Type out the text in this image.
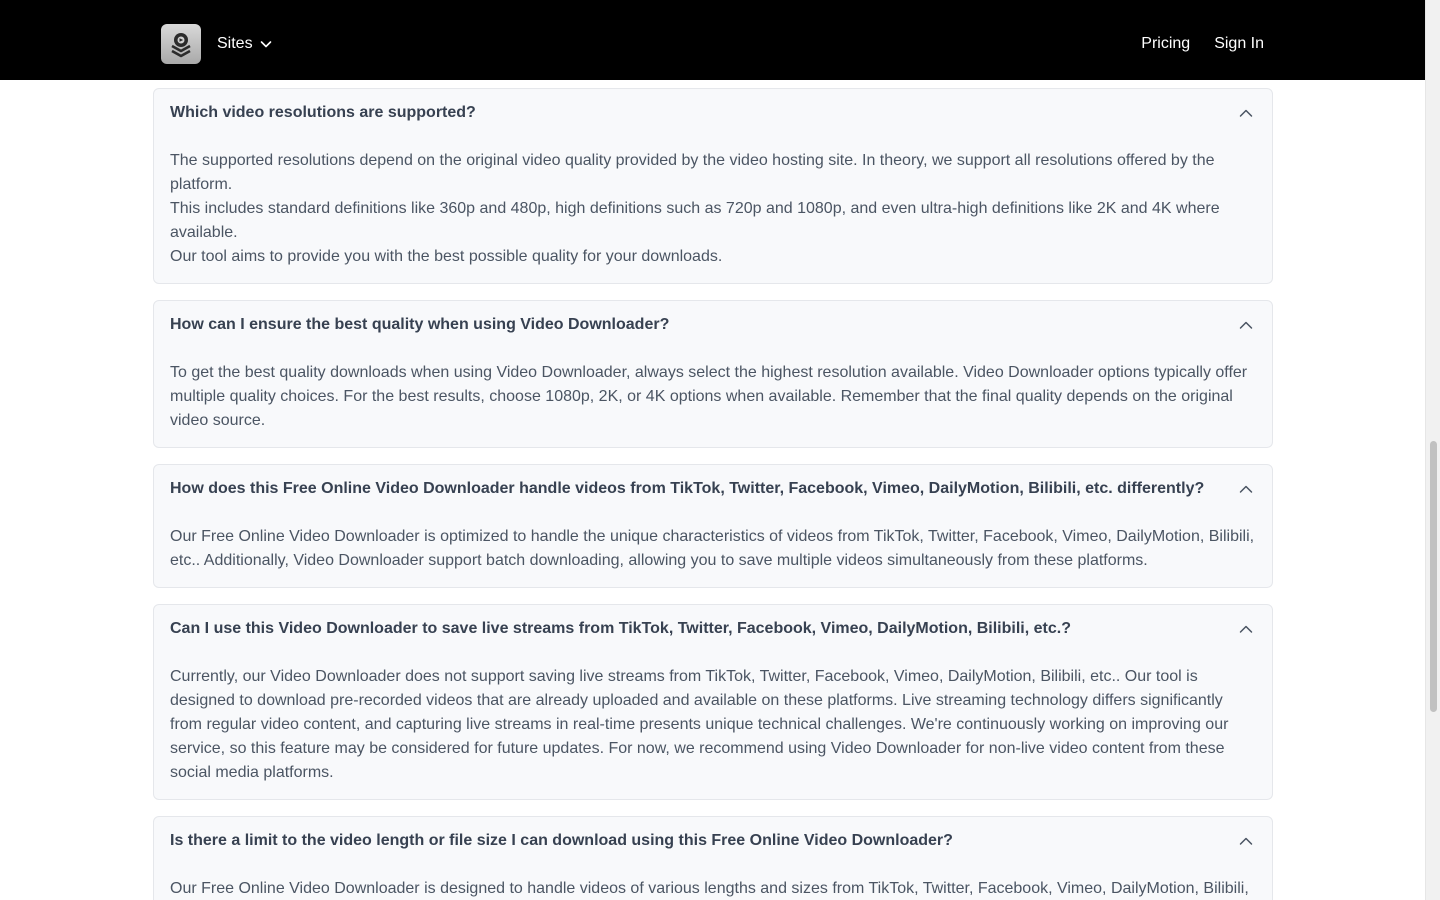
Sites	Pricing Sign In
Which video resolutions are supported?

The supported resolutions depend on the original video quality provided by the video hosting site. In theory, we support all resolutions offered by the platform.

This includes standard definitions like 360p and 480p, high definitions such as 720p and 1080p, and even ultra-high definitions like 2K and 4K where available.

Our tool aims to provide you with the best possible quality for your downloads.

How can I ensure the best quality when using Video Downloader?

To get the best quality downloads when using Video Downloader, always select the highest resolution available. Video Downloader options typically offer multiple quality choices. For the best results, choose 1080p, 2K, or 4K options when available. Remember that the final quality depends on the original video source.

How does this Free Online Video Downloader handle videos from TikTok, Twitter, Facebook, Vimeo, DailyMotion, Bilibili, etc. differently?

Our Free Online Video Downloader is optimized to handle the unique characteristics of videos from TikTok, Twitter, Facebook, Vimeo, DailyMotion, Bilibili, etc.. Additionally, Video Downloader support batch downloading, allowing you to save multiple videos simultaneously from these platforms.

Can I use this Video Downloader to save live streams from TikTok, Twitter, Facebook, Vimeo, DailyMotion, Bilibili, etc.?

Currently, our Video Downloader does not support saving live streams from TikTok, Twitter, Facebook, Vimeo, DailyMotion, Bilibili, etc.. Our tool is designed to download pre-recorded videos that are already uploaded and available on these platforms. Live streaming technology differs significantly from regular video content, and capturing live streams in real-time presents unique technical challenges. We're continuously working on improving our service, so this feature may be considered for future updates. For now, we recommend using Video Downloader for non-live video content from these social media platforms.

Is there a limit to the video length or file size I can download using this Free Online Video Downloader?

Our Free Online Video Downloader is designed to handle videos of various lengths and sizes from TikTok, Twitter, Facebook, Vimeo, DailyMotion, Bilibili,
